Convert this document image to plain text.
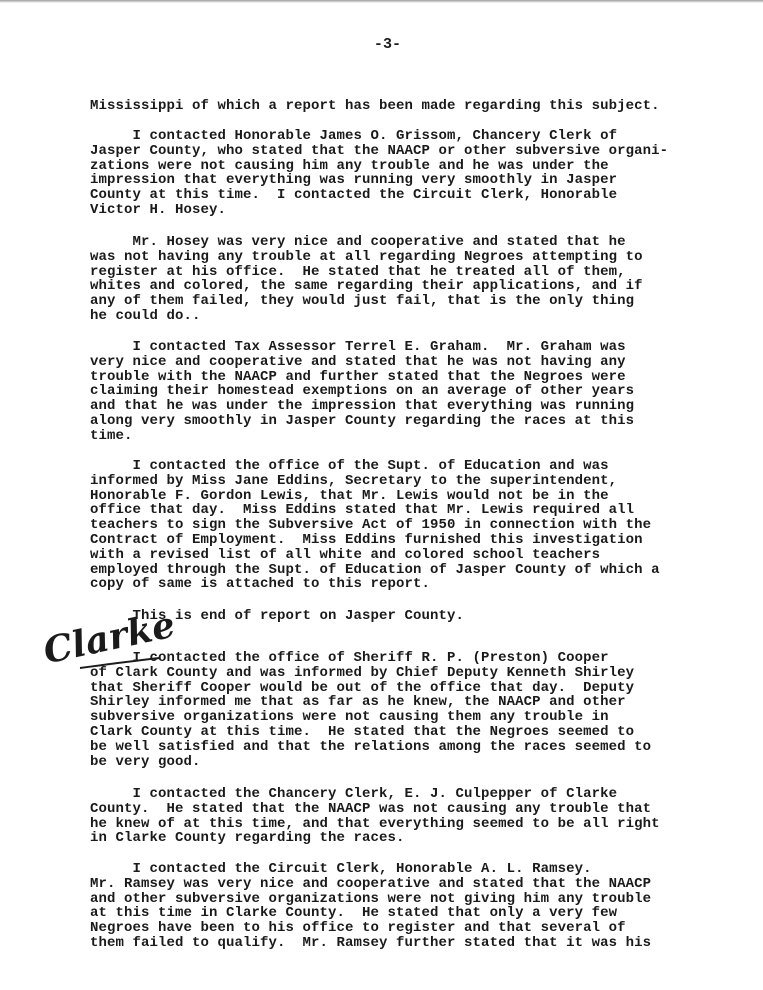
-3-
Mississippi of which a report has been made regarding this subject.
I contacted Honorable James O. Grissom, Chancery Clerk of
Jasper County, who stated that the NAACP or other subversive organi-
zations were not causing him any trouble and he was under the
impression that everything was running very smoothly in Jasper
County at this time.  I contacted the Circuit Clerk, Honorable
Victor H. Hosey.
Mr. Hosey was very nice and cooperative and stated that he
was not having any trouble at all regarding Negroes attempting to
register at his office.  He stated that he treated all of them,
whites and colored, the same regarding their applications, and if
any of them failed, they would just fail, that is the only thing
he could do..
I contacted Tax Assessor Terrel E. Graham.  Mr. Graham was
very nice and cooperative and stated that he was not having any
trouble with the NAACP and further stated that the Negroes were
claiming their homestead exemptions on an average of other years
and that he was under the impression that everything was running
along very smoothly in Jasper County regarding the races at this
time.
I contacted the office of the Supt. of Education and was
informed by Miss Jane Eddins, Secretary to the superintendent,
Honorable F. Gordon Lewis, that Mr. Lewis would not be in the
office that day.  Miss Eddins stated that Mr. Lewis required all
teachers to sign the Subversive Act of 1950 in connection with the
Contract of Employment.  Miss Eddins furnished this investigation
with a revised list of all white and colored school teachers
employed through the Supt. of Education of Jasper County of which a
copy of same is attached to this report.
This is end of report on Jasper County.
I contacted the office of Sheriff R. P. (Preston) Cooper
of Clark County and was informed by Chief Deputy Kenneth Shirley
that Sheriff Cooper would be out of the office that day.  Deputy
Shirley informed me that as far as he knew, the NAACP and other
subversive organizations were not causing them any trouble in
Clark County at this time.  He stated that the Negroes seemed to
be well satisfied and that the relations among the races seemed to
be very good.
I contacted the Chancery Clerk, E. J. Culpepper of Clarke
County.  He stated that the NAACP was not causing any trouble that
he knew of at this time, and that everything seemed to be all right
in Clarke County regarding the races.
I contacted the Circuit Clerk, Honorable A. L. Ramsey.
Mr. Ramsey was very nice and cooperative and stated that the NAACP
and other subversive organizations were not giving him any trouble
at this time in Clarke County.  He stated that only a very few
Negroes have been to his office to register and that several of
them failed to qualify.  Mr. Ramsey further stated that it was his
Clarke
